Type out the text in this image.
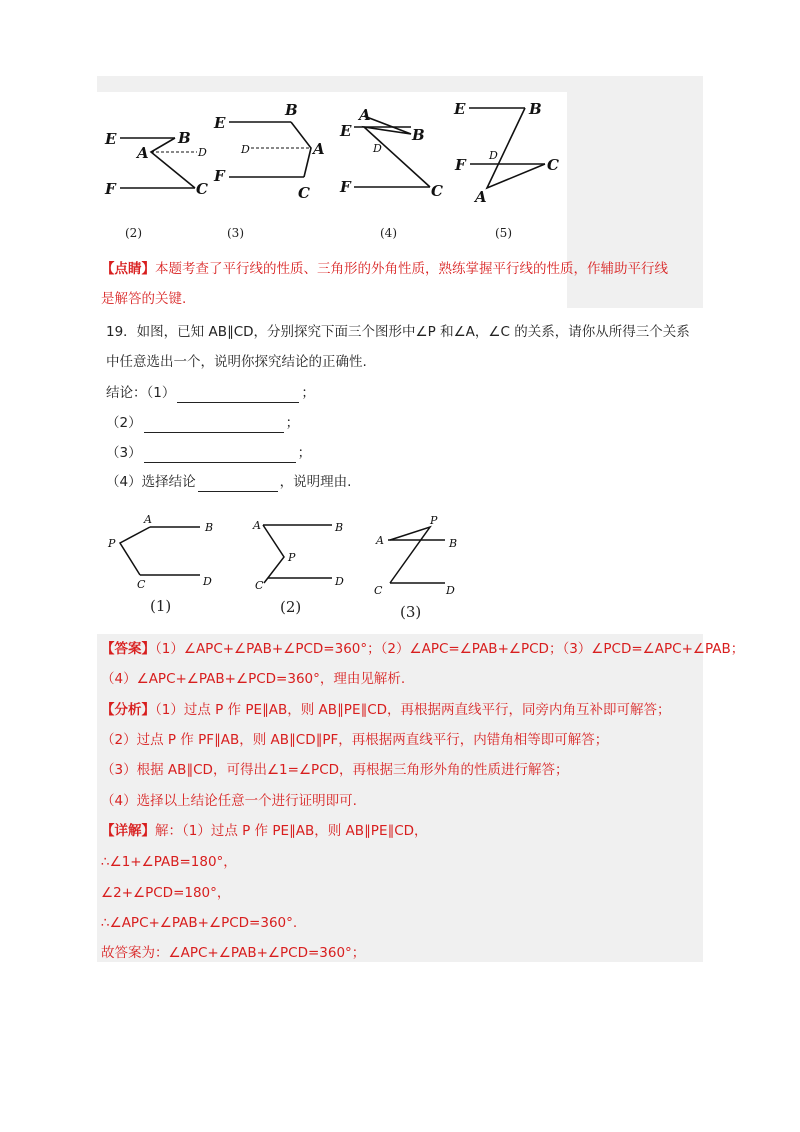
E	B
A	D
F	C
(2)
E
B
D	A
F
C
(3)
A
E	B
D
F	C
(4)
E	B
F
D
C
A
(5)
【点睛】本题考查了平行线的性质、三角形的外角性质，熟练掌握平行线的性质，作辅助平行线
是解答的关键.
19．如图，已知 AB∥CD，分别探究下面三个图形中∠P 和∠A，∠C 的关系，请你从所得三个关系
中任意选出一个，说明你探究结论的正确性.
结论：（1）	；
（2）	；
（3）	；
（4）选择结论	，说明理由.
A
B
P
C	D
(1)
A	B
P
C	D
(2)
P
A	B
C	D
(3)
【答案】（1）∠APC+∠PAB+∠PCD=360°；（2）∠APC=∠PAB+∠PCD；（3）∠PCD=∠APC+∠PAB；
（4）∠APC+∠PAB+∠PCD=360°，理由见解析.
【分析】（1）过点 P 作 PE∥AB，则 AB∥PE∥CD，再根据两直线平行，同旁内角互补即可解答；
（2）过点 P 作 PF∥AB，则 AB∥CD∥PF，再根据两直线平行，内错角相等即可解答；
（3）根据 AB∥CD，可得出∠1=∠PCD，再根据三角形外角的性质进行解答；
（4）选择以上结论任意一个进行证明即可.
【详解】解：（1）过点 P 作 PE∥AB，则 AB∥PE∥CD，
∴∠1+∠PAB=180°，
∠2+∠PCD=180°，
∴∠APC+∠PAB+∠PCD=360°.
故答案为：∠APC+∠PAB+∠PCD=360°；
